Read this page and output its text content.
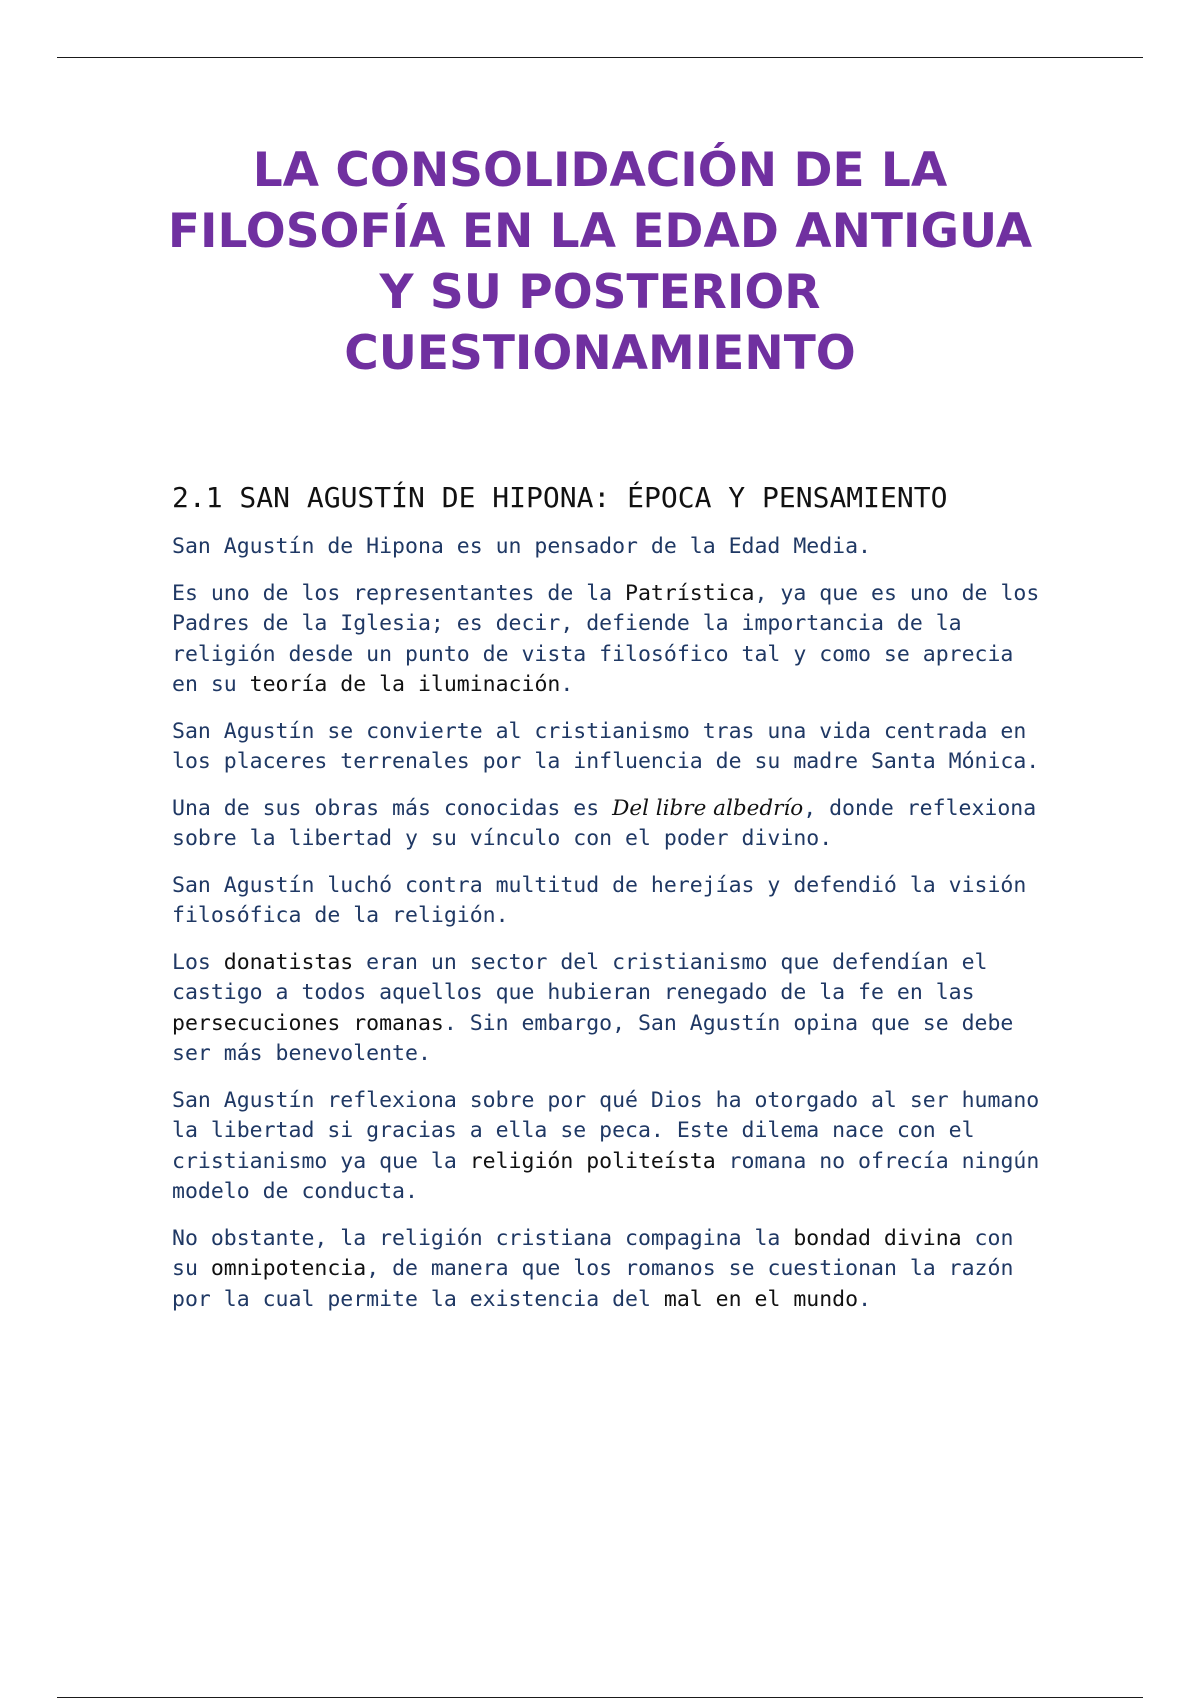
LA CONSOLIDACIÓN DE LA FILOSOFÍA EN LA EDAD ANTIGUA Y SU POSTERIOR CUESTIONAMIENTO
2.1 SAN AGUSTÍN DE HIPONA: ÉPOCA Y PENSAMIENTO

San Agustín de Hipona es un pensador de la Edad Media.

Es uno de los representantes de la Patrística, ya que es uno de los Padres de la Iglesia; es decir, defiende la importancia de la religión desde un punto de vista filosófico tal y como se aprecia en su teoría de la iluminación.

San Agustín se convierte al cristianismo tras una vida centrada en los placeres terrenales por la influencia de su madre Santa Mónica.

Una de sus obras más conocidas es Del libre albedrío, donde reflexiona sobre la libertad y su vínculo con el poder divino.

San Agustín luchó contra multitud de herejías y defendió la visión filosófica de la religión.

Los donatistas eran un sector del cristianismo que defendían el castigo a todos aquellos que hubieran renegado de la fe en las persecuciones romanas. Sin embargo, San Agustín opina que se debe ser más benevolente.

San Agustín reflexiona sobre por qué Dios ha otorgado al ser humano la libertad si gracias a ella se peca. Este dilema nace con el cristianismo ya que la religión politeísta romana no ofrecía ningún modelo de conducta.

No obstante, la religión cristiana compagina la bondad divina con su omnipotencia, de manera que los romanos se cuestionan la razón por la cual permite la existencia del mal en el mundo.
